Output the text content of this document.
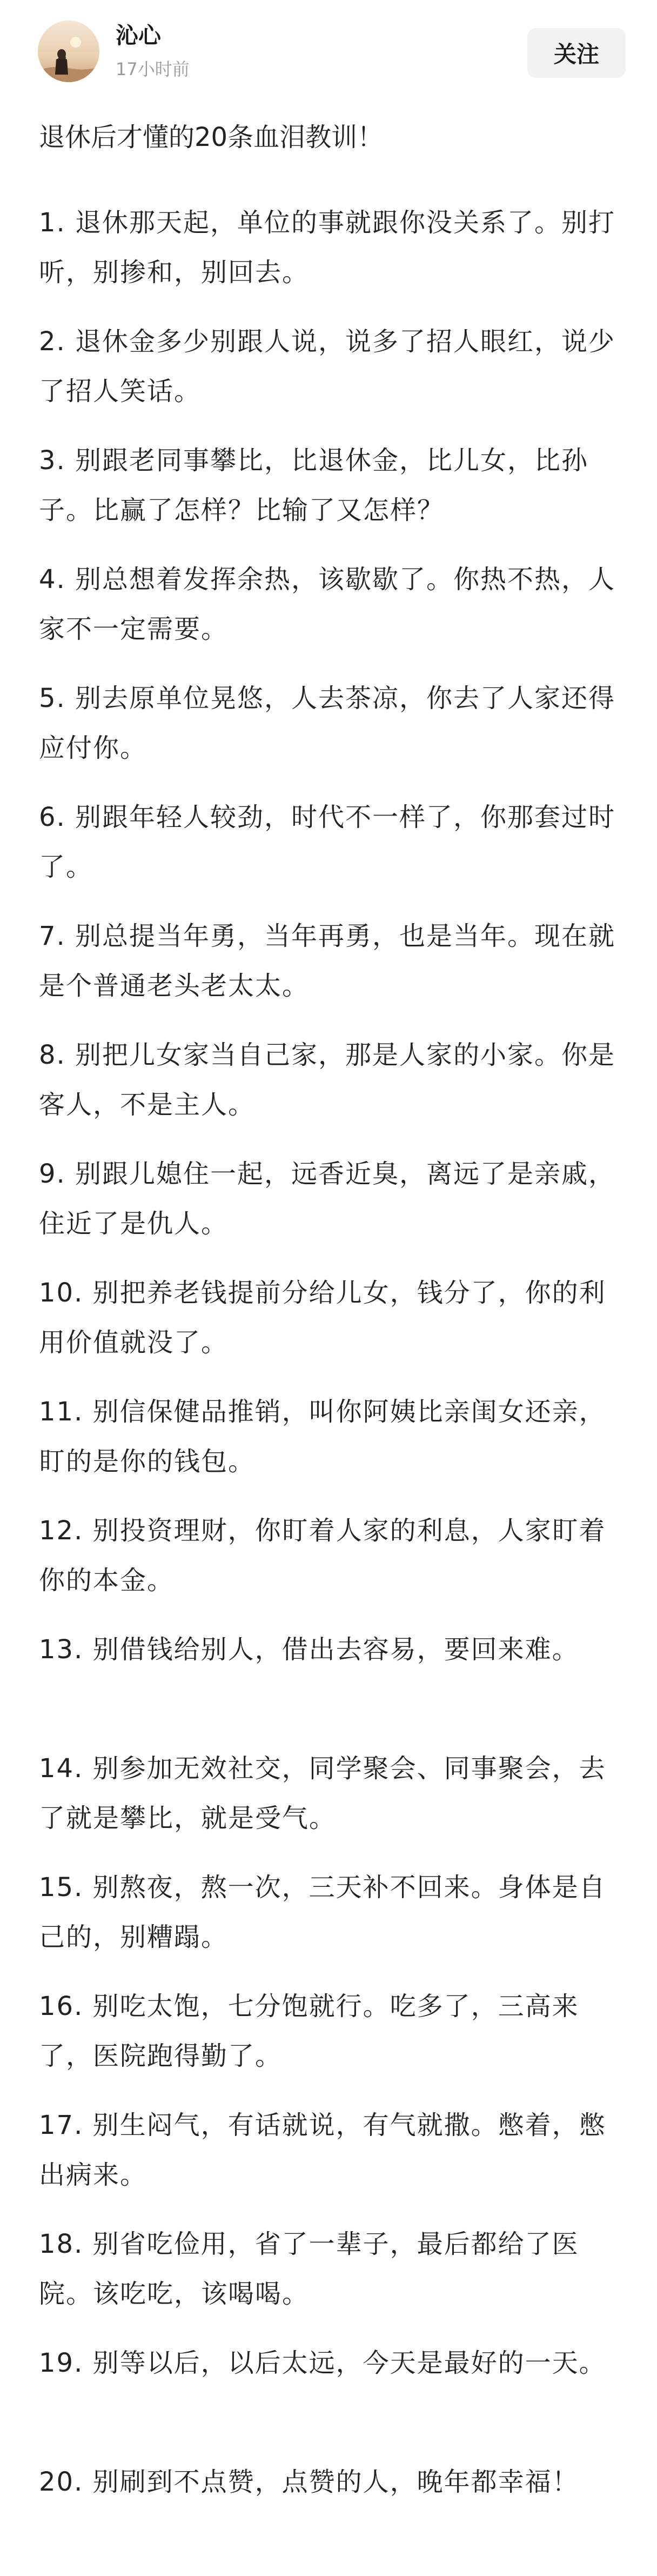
沁心
17小时前
关注
退休后才懂的20条血泪教训！
1. 退休那天起，单位的事就跟你没关系了。别打听，别掺和，别回去。
2. 退休金多少别跟人说，说多了招人眼红，说少了招人笑话。
3. 别跟老同事攀比，比退休金，比儿女，比孙子。比赢了怎样？比输了又怎样？
4. 别总想着发挥余热，该歇歇了。你热不热，人家不一定需要。
5. 别去原单位晃悠，人去茶凉，你去了人家还得应付你。
6. 别跟年轻人较劲，时代不一样了，你那套过时了。
7. 别总提当年勇，当年再勇，也是当年。现在就是个普通老头老太太。
8. 别把儿女家当自己家，那是人家的小家。你是客人，不是主人。
9. 别跟儿媳住一起，远香近臭，离远了是亲戚，住近了是仇人。
10. 别把养老钱提前分给儿女，钱分了，你的利用价值就没了。
11. 别信保健品推销，叫你阿姨比亲闺女还亲，盯的是你的钱包。
12. 别投资理财，你盯着人家的利息，人家盯着你的本金。
13. 别借钱给别人，借出去容易，要回来难。
14. 别参加无效社交，同学聚会、同事聚会，去了就是攀比，就是受气。
15. 别熬夜，熬一次，三天补不回来。身体是自己的，别糟蹋。
16. 别吃太饱，七分饱就行。吃多了，三高来了，医院跑得勤了。
17. 别生闷气，有话就说，有气就撒。憋着，憋出病来。
18. 别省吃俭用，省了一辈子，最后都给了医院。该吃吃，该喝喝。
19. 别等以后，以后太远，今天是最好的一天。
20. 别刷到不点赞，点赞的人，晚年都幸福！
